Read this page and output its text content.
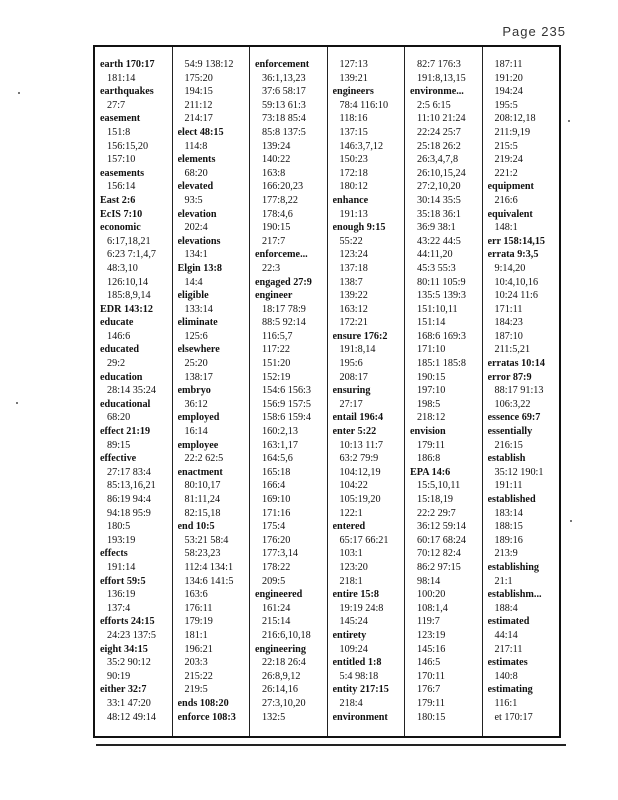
Page 235
earth 170:17
181:14
earthquakes
27:7
easement
151:8
156:15,20
157:10
easements
156:14
East 2:6
EcIS 7:10
economic
6:17,18,21
6:23 7:1,4,7
48:3,10
126:10,14
185:8,9,14
EDR 143:12
educate
146:6
educated
29:2
education
28:14 35:24
educational
68:20
effect 21:19
89:15
effective
27:17 83:4
85:13,16,21
86:19 94:4
94:18 95:9
180:5
193:19
effects
191:14
effort 59:5
136:19
137:4
efforts 24:15
24:23 137:5
eight 34:15
35:2 90:12
90:19
either 32:7
33:1 47:20
48:12 49:14
54:9 138:12
175:20
194:15
211:12
214:17
elect 48:15
114:8
elements
68:20
elevated
93:5
elevation
202:4
elevations
134:1
Elgin 13:8
14:4
eligible
133:14
eliminate
125:6
elsewhere
25:20
138:17
embryo
36:12
employed
16:14
employee
22:2 62:5
enactment
80:10,17
81:11,24
82:15,18
end 10:5
53:21 58:4
58:23,23
112:4 134:1
134:6 141:5
163:6
176:11
179:19
181:1
196:21
203:3
215:22
219:5
ends 108:20
enforce 108:3
enforcement
36:1,13,23
37:6 58:17
59:13 61:3
73:18 85:4
85:8 137:5
139:24
140:22
163:8
166:20,23
177:8,22
178:4,6
190:15
217:7
enforceme...
22:3
engaged 27:9
engineer
18:17 78:9
88:5 92:14
116:5,7
117:22
151:20
152:19
154:6 156:3
156:9 157:5
158:6 159:4
160:2,13
163:1,17
164:5,6
165:18
166:4
169:10
171:16
175:4
176:20
177:3,14
178:22
209:5
engineered
161:24
215:14
216:6,10,18
engineering
22:18 26:4
26:8,9,12
26:14,16
27:3,10,20
132:5
127:13
139:21
engineers
78:4 116:10
118:16
137:15
146:3,7,12
150:23
172:18
180:12
enhance
191:13
enough 9:15
55:22
123:24
137:18
138:7
139:22
163:12
172:21
ensure 176:2
191:8,14
195:6
208:17
ensuring
27:17
entail 196:4
enter 5:22
10:13 11:7
63:2 79:9
104:12,19
104:22
105:19,20
122:1
entered
65:17 66:21
103:1
123:20
218:1
entire 15:8
19:19 24:8
145:24
entirety
109:24
entitled 1:8
5:4 98:18
entity 217:15
218:4
environment
82:7 176:3
191:8,13,15
environme...
2:5 6:15
11:10 21:24
22:24 25:7
25:18 26:2
26:3,4,7,8
26:10,15,24
27:2,10,20
30:14 35:5
35:18 36:1
36:9 38:1
43:22 44:5
44:11,20
45:3 55:3
80:11 105:9
135:5 139:3
151:10,11
151:14
168:6 169:3
171:10
185:1 185:8
190:15
197:10
198:5
218:12
envision
179:11
186:8
EPA 14:6
15:5,10,11
15:18,19
22:2 29:7
36:12 59:14
60:17 68:24
70:12 82:4
86:2 97:15
98:14
100:20
108:1,4
119:7
123:19
145:16
146:5
170:11
176:7
179:11
180:15
187:11
191:20
194:24
195:5
208:12,18
211:9,19
215:5
219:24
221:2
equipment
216:6
equivalent
148:1
err 158:14,15
errata 9:3,5
9:14,20
10:4,10,16
10:24 11:6
171:11
184:23
187:10
211:5,21
erratas 10:14
error 87:9
88:17 91:13
106:3,22
essence 69:7
essentially
216:15
establish
35:12 190:1
191:11
established
183:14
188:15
189:16
213:9
establishing
21:1
establishm...
188:4
estimated
44:14
217:11
estimates
140:8
estimating
116:1
et 170:17
